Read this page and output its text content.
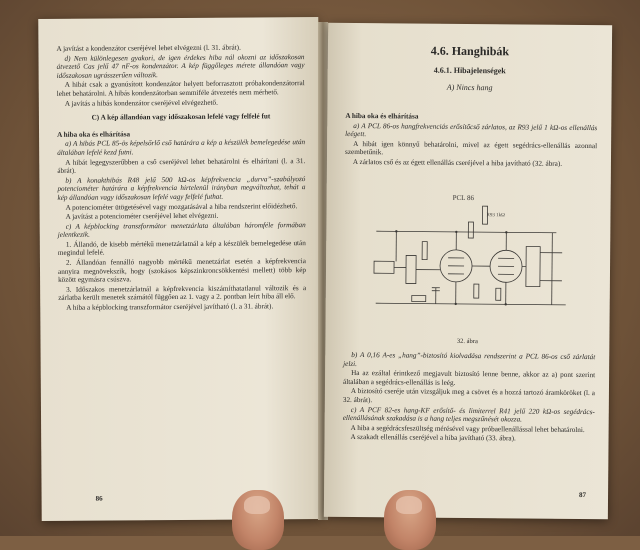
A javítást a kondenzátor cseréjével lehet elvégezni (l. 31. ábrát).

d) Nem különlegesen gyakori, de igen érdekes hiba nál okozni az időszakosan átvezető Cas jelű 47 nF-os kondenzátor. A kép függőleges mérete állandóan vagy időszakosan ugrásszerűen változik.

A hibát csak a gyanúsított kondenzátor helyett beforrasztott próbakondenzátorral lehet behatárolni. A hibás kondenzátorban semmiféle átvezetés nem mérhető.

A javítás a hibás kondenzátor cseréjével elvégezhető.

C) A kép állandóan vagy időszakosan lefelé vagy felfelé fut

A hiba oka és elhárítása

a) A hibás PCL 85-ös képelsőrlő cső határára a kép a készülék bemelegedése után általában lefelé kezd futni.

A hibát legegyszerűbben a cső cseréjével lehet behatárolni és elhárítani (l. a 31. ábrát).

b) A konakthibás R48 jelű 500 kΩ-os képfrekvencia „durva”-szabályozó potenciométer határára a képfrekvencia hirtelenül irányban megváltozhat, tehát a kép állandóan vagy időszakosan lefelé vagy felfelé futhat.

A potenciométer ütögetésével vagy mozgatásával a hiba rendszerint előidézhető.

A javítást a potenciométer cseréjével lehet elvégezni.

c) A képblocking transzformátor menetzárlata általában háromféle formában jelentkezik.

1. Állandó, de kisebb mértékű menetzárlatnál a kép a készülék bemelegedése után megindul lefelé.

2. Állandóan fennálló nagyobb mértékű menetzárlat esetén a képfrekvencia annyira megnövekszik, hogy (szokásos képszinkroncsökkentési mellett) több kép között egymásra csúszva.

3. Időszakos menetzárlatnál a képfrekvencia kiszámíthatatlanul változik és a zárlatba került menetek számától függően az 1. vagy a 2. pontban leírt hiba áll elő.

A hiba a képblocking transzformátor cseréjével javítható (l. a 31. ábrát).

86
4.6. Hanghibák
4.6.1. Hibajelenségek
A) Nincs hang

A hiba oka és elhárítása

a) A PCL 86-os hangfrekvenciás erősítőcső zárlatos, az R93 jelű 1 kΩ-os ellenállás leégett.

A hibát igen könnyű behatárolni, mivel az égett segédrács-ellenállás azonnal szembetűnik.

A zárlatos cső és az égett ellenállás cseréjével a hiba javítható (32. ábra).

PCL 86
R93 1kΩ
32. ábra

b) A 0,16 A-es „hang”-biztosító kiolvadása rendszerint a PCL 86-os cső zárlatát jelzi.

Ha az ezáltal érintkező megjavult biztosító lenne benne, akkor az a) pont szerint általában a segédrács-ellenállás is leég.

A biztosító cseréje után vizsgáljuk meg a csövet és a hozzá tartozó áramköröket (l. a 32. ábrát).

c) A PCF 82-es hang-KF erősítő- és limiterrel R41 jelű 220 kΩ-os segédrács-ellenállásának szakadása is a hang teljes megszűnését okozza.

A hiba a segédrácsfeszültség mérésével vagy próbaellenállással lehet behatárolni.

A szakadt ellenállás cseréjével a hiba javítható (33. ábra).

87
